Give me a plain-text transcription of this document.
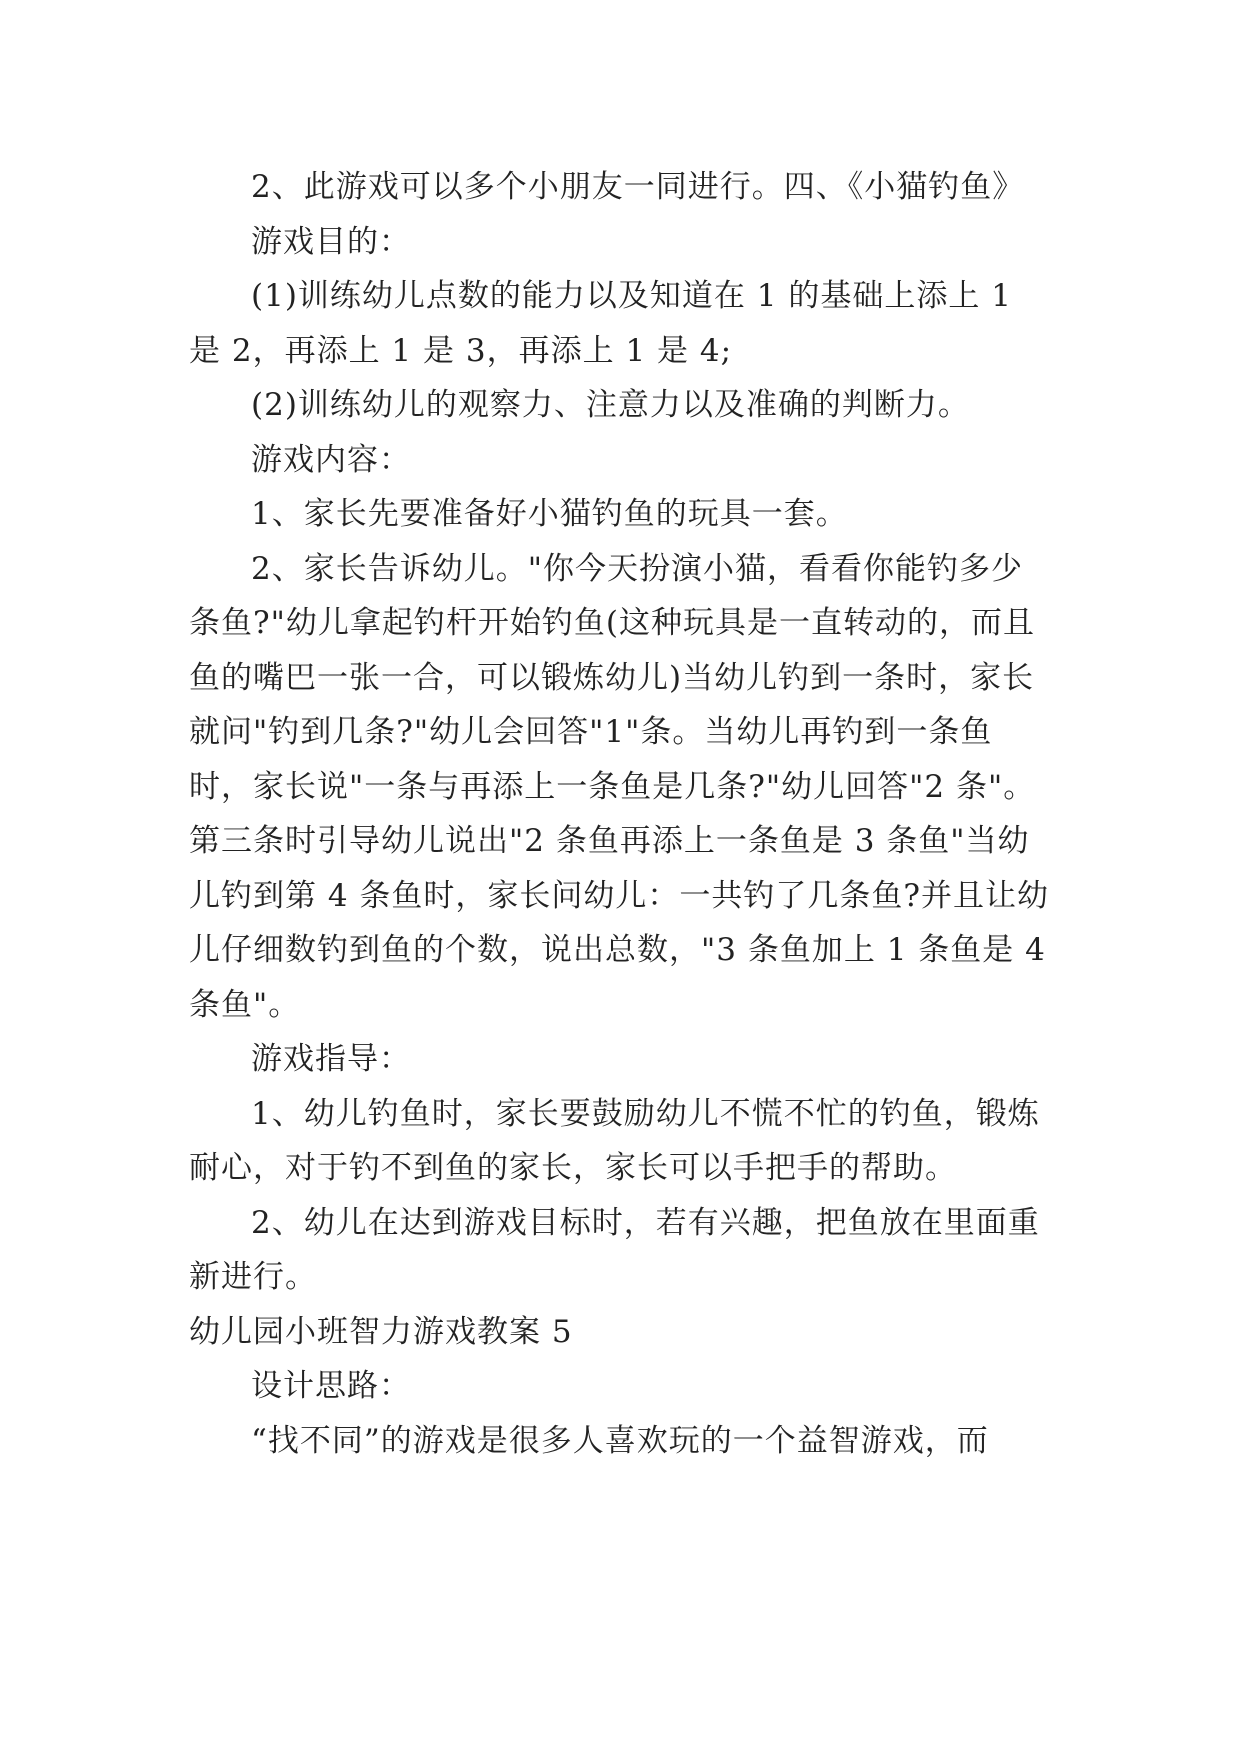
2、此游戏可以多个小朋友一同进行。四、《小猫钓鱼》

游戏目的：

(1)训练幼儿点数的能力以及知道在 1 的基础上添上 1 是 2，再添上 1 是 3，再添上 1 是 4;

(2)训练幼儿的观察力、注意力以及准确的判断力。

游戏内容：

1、家长先要准备好小猫钓鱼的玩具一套。

2、家长告诉幼儿。"你今天扮演小猫，看看你能钓多少条鱼?"幼儿拿起钓杆开始钓鱼(这种玩具是一直转动的，而且鱼的嘴巴一张一合，可以锻炼幼儿)当幼儿钓到一条时，家长就问"钓到几条?"幼儿会回答"1"条。当幼儿再钓到一条鱼时，家长说"一条与再添上一条鱼是几条?"幼儿回答"2 条"。第三条时引导幼儿说出"2 条鱼再添上一条鱼是 3 条鱼"当幼儿钓到第 4 条鱼时，家长问幼儿：一共钓了几条鱼?并且让幼儿仔细数钓到鱼的个数，说出总数，"3 条鱼加上 1 条鱼是 4 条鱼"。

游戏指导：

1、幼儿钓鱼时，家长要鼓励幼儿不慌不忙的钓鱼，锻炼耐心，对于钓不到鱼的家长，家长可以手把手的帮助。

2、幼儿在达到游戏目标时，若有兴趣，把鱼放在里面重新进行。

幼儿园小班智力游戏教案 5

设计思路：

“找不同”的游戏是很多人喜欢玩的一个益智游戏，而
